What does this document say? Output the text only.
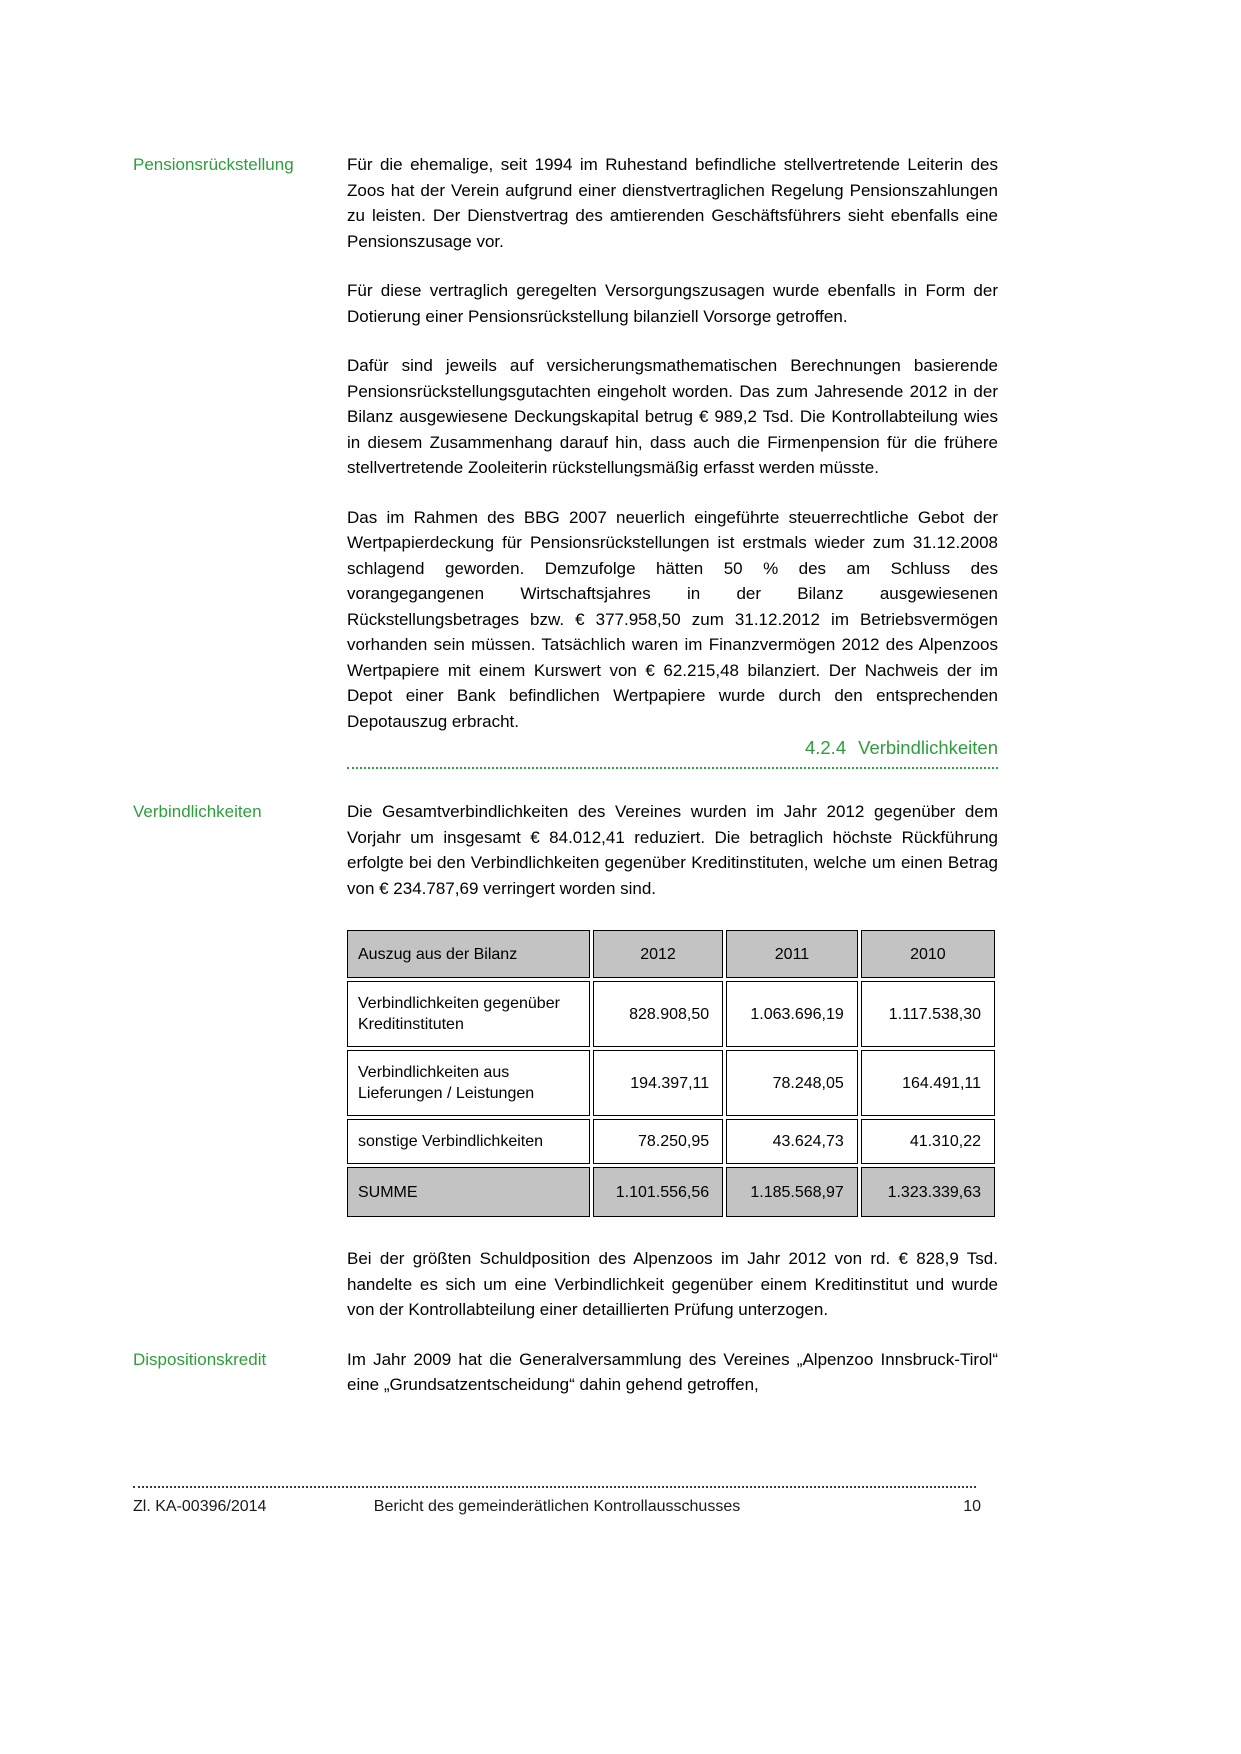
Pensionsrückstellung	Für die ehemalige, seit 1994 im Ruhestand befindliche stellvertretende Leiterin des Zoos hat der Verein aufgrund einer dienstvertraglichen Regelung Pensionszahlungen zu leisten. Der Dienstvertrag des amtierenden Geschäftsführers sieht ebenfalls eine Pensionszusage vor.

Für diese vertraglich geregelten Versorgungszusagen wurde ebenfalls in Form der Dotierung einer Pensionsrückstellung bilanziell Vorsorge getroffen.

Dafür sind jeweils auf versicherungsmathematischen Berechnungen basierende Pensionsrückstellungsgutachten eingeholt worden. Das zum Jahresende 2012 in der Bilanz ausgewiesene Deckungskapital betrug € 989,2 Tsd. Die Kontrollabteilung wies in diesem Zusammenhang darauf hin, dass auch die Firmenpension für die frühere stellvertretende Zooleiterin rückstellungsmäßig erfasst werden müsste.

Das im Rahmen des BBG 2007 neuerlich eingeführte steuerrechtliche Gebot der Wertpapierdeckung für Pensionsrückstellungen ist erstmals wieder zum 31.12.2008 schlagend geworden. Demzufolge hätten 50 % des am Schluss des vorangegangenen Wirtschaftsjahres in der Bilanz ausgewiesenen Rückstellungsbetrages bzw. € 377.958,50 zum 31.12.2012 im Betriebsvermögen vorhanden sein müssen. Tatsächlich waren im Finanzvermögen 2012 des Alpenzoos Wertpapiere mit einem Kurswert von € 62.215,48 bilanziert. Der Nachweis der im Depot einer Bank befindlichen Wertpapiere wurde durch den entsprechenden Depotauszug erbracht.

4.2.4 Verbindlichkeiten
Verbindlichkeiten	Die Gesamtverbindlichkeiten des Vereines wurden im Jahr 2012 gegenüber dem Vorjahr um insgesamt € 84.012,41 reduziert. Die betraglich höchste Rückführung erfolgte bei den Verbindlichkeiten gegenüber Kreditinstituten, welche um einen Betrag von € 234.787,69 verringert worden sind.

Auszug aus der Bilanz	2012	2011	2010
Verbindlichkeiten gegenüber Kreditinstituten	828.908,50	1.063.696,19	1.117.538,30
Verbindlichkeiten aus Lieferungen / Leistungen	194.397,11	78.248,05	164.491,11
sonstige Verbindlichkeiten	78.250,95	43.624,73	41.310,22
SUMME	1.101.556,56	1.185.568,97	1.323.339,63

Bei der größten Schuldposition des Alpenzoos im Jahr 2012 von rd. € 828,9 Tsd. handelte es sich um eine Verbindlichkeit gegenüber einem Kreditinstitut und wurde von der Kontrollabteilung einer detaillierten Prüfung unterzogen.

Dispositionskredit	Im Jahr 2009 hat die Generalversammlung des Vereines „Alpenzoo Innsbruck-Tirol“ eine „Grundsatzentscheidung“ dahin gehend getroffen,

Zl. KA-00396/2014	Bericht des gemeinderätlichen Kontrollausschusses	10
